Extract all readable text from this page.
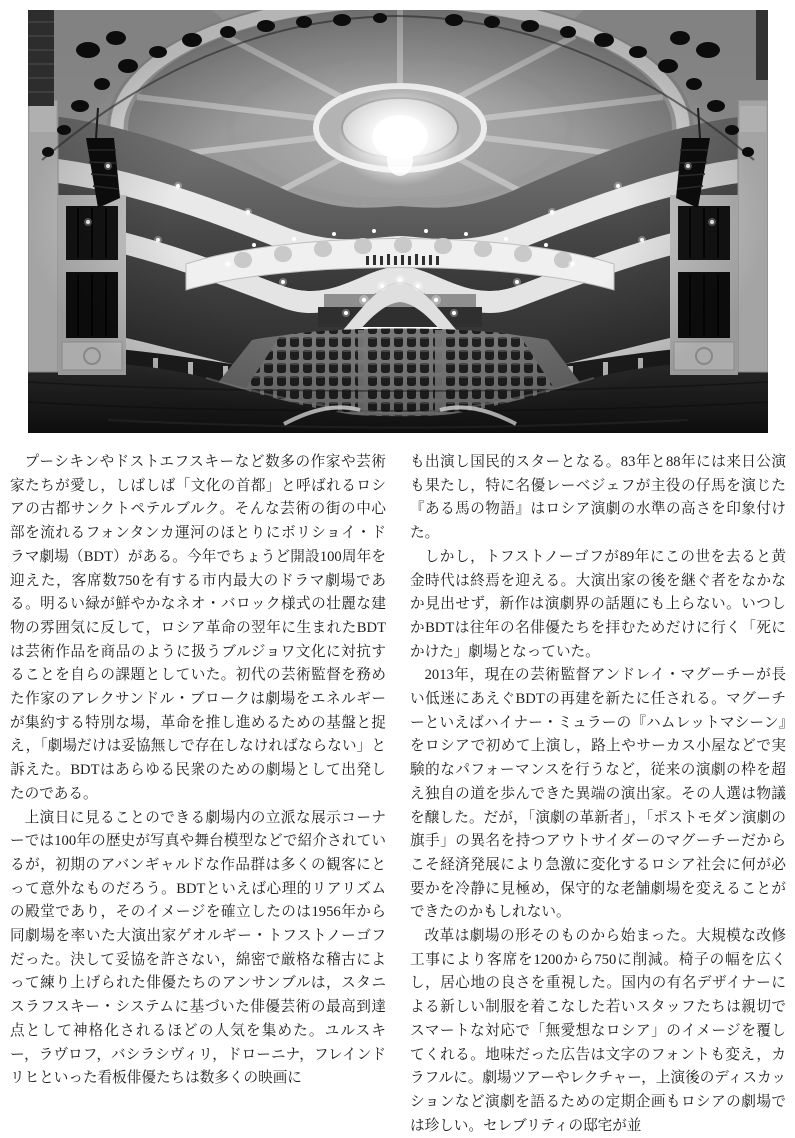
プーシキンやドストエフスキーなど数多の作家や芸術家たちが愛し，しばしば「文化の首都」と呼ばれるロシアの古都サンクトペテルブルク。そんな芸術の街の中心部を流れるフォンタンカ運河のほとりにボリショイ・ドラマ劇場（BDT）がある。今年でちょうど開設100周年を迎えた，客席数750を有する市内最大のドラマ劇場である。明るい緑が鮮やかなネオ・バロック様式の壮麗な建物の雰囲気に反して，ロシア革命の翌年に生まれたBDTは芸術作品を商品のように扱うブルジョワ文化に対抗することを自らの課題としていた。初代の芸術監督を務めた作家のアレクサンドル・ブロークは劇場をエネルギーが集約する特別な場，革命を推し進めるための基盤と捉え，「劇場だけは妥協無しで存在しなければならない」と訴えた。BDTはあらゆる民衆のための劇場として出発したのである。

上演日に見ることのできる劇場内の立派な展示コーナーでは100年の歴史が写真や舞台模型などで紹介されているが，初期のアバンギャルドな作品群は多くの観客にとって意外なものだろう。BDTといえば心理的リアリズムの殿堂であり，そのイメージを確立したのは1956年から同劇場を率いた大演出家ゲオルギー・トフストノーゴフだった。決して妥協を許さない，綿密で厳格な稽古によって練り上げられた俳優たちのアンサンブルは，スタニスラフスキー・システムに基づいた俳優芸術の最高到達点として神格化されるほどの人気を集めた。ユルスキー，ラヴロフ，バシラシヴィリ，ドローニナ，フレインドリヒといった看板俳優たちは数多くの映画に

も出演し国民的スターとなる。83年と88年には来日公演も果たし，特に名優レーベジェフが主役の仔馬を演じた『ある馬の物語』はロシア演劇の水準の高さを印象付けた。

しかし，トフストノーゴフが89年にこの世を去ると黄金時代は終焉を迎える。大演出家の後を継ぐ者をなかなか見出せず，新作は演劇界の話題にも上らない。いつしかBDTは往年の名俳優たちを拝むためだけに行く「死にかけた」劇場となっていた。

2013年，現在の芸術監督アンドレイ・マグーチーが長い低迷にあえぐBDTの再建を新たに任される。マグーチーといえばハイナー・ミュラーの『ハムレットマシーン』をロシアで初めて上演し，路上やサーカス小屋などで実験的なパフォーマンスを行うなど，従来の演劇の枠を超え独自の道を歩んできた異端の演出家。その人選は物議を醸した。だが，「演劇の革新者」，「ポストモダン演劇の旗手」の異名を持つアウトサイダーのマグーチーだからこそ経済発展により急激に変化するロシア社会に何が必要かを冷静に見極め，保守的な老舗劇場を変えることができたのかもしれない。

改革は劇場の形そのものから始まった。大規模な改修工事により客席を1200から750に削減。椅子の幅を広くし，居心地の良さを重視した。国内の有名デザイナーによる新しい制服を着こなした若いスタッフたちは親切でスマートな対応で「無愛想なロシア」のイメージを覆してくれる。地味だった広告は文字のフォントも変え，カラフルに。劇場ツアーやレクチャー，上演後のディスカッションなど演劇を語るための定期企画もロシアの劇場では珍しい。セレブリティの邸宅が並
